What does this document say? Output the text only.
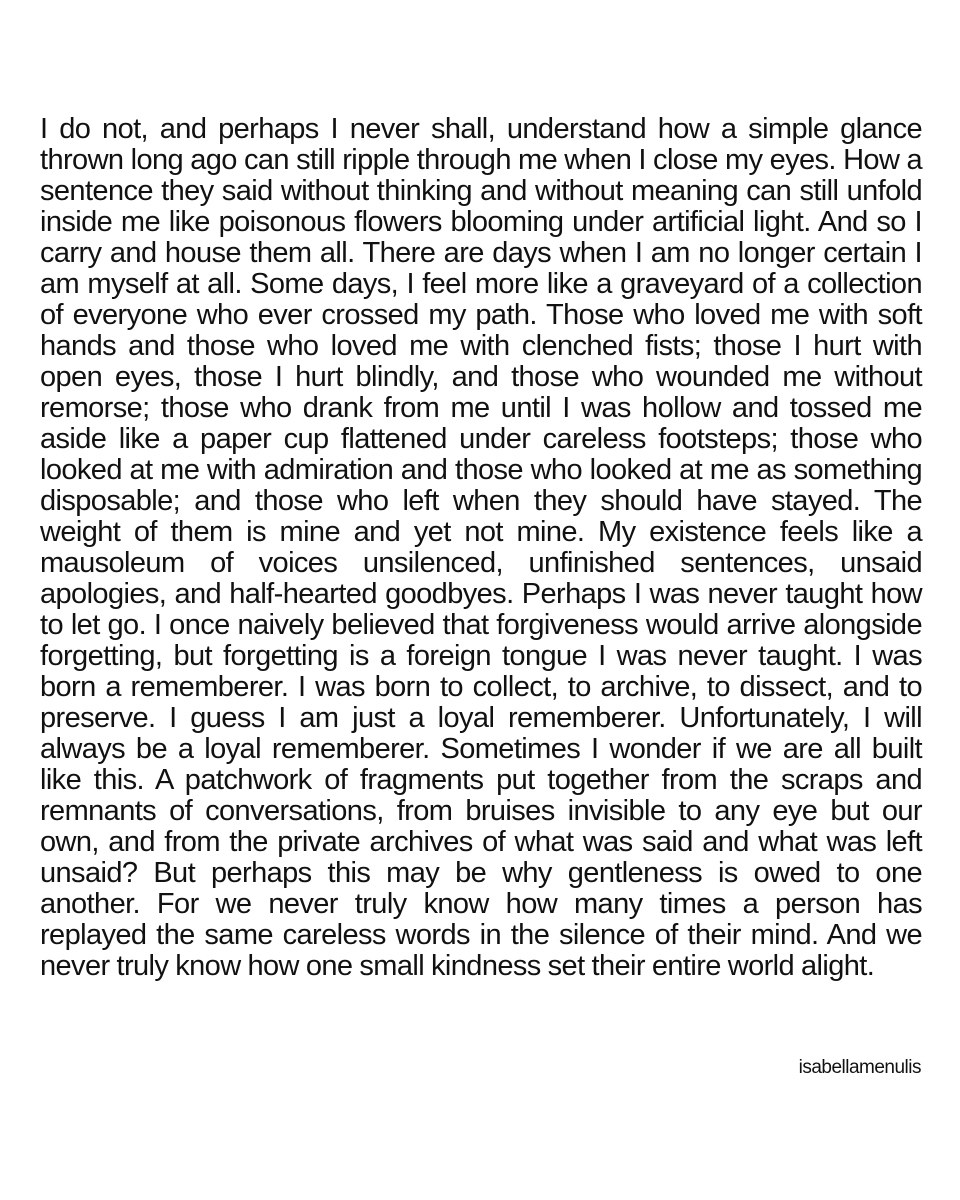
I do not, and perhaps I never shall, understand how a simple glance thrown long ago can still ripple through me when I close my eyes. How a sentence they said without thinking and without meaning can still unfold inside me like poisonous flowers blooming under artificial light. And so I carry and house them all. There are days when I am no longer certain I am myself at all. Some days, I feel more like a graveyard of a collection of everyone who ever crossed my path. Those who loved me with soft hands and those who loved me with clenched fists; those I hurt with open eyes, those I hurt blindly, and those who wounded me without remorse; those who drank from me until I was hollow and tossed me aside like a paper cup flattened under careless footsteps; those who looked at me with admiration and those who looked at me as something disposable; and those who left when they should have stayed. The weight of them is mine and yet not mine. My existence feels like a mausoleum of voices unsilenced, unfinished sentences, unsaid apologies, and half-hearted goodbyes. Perhaps I was never taught how to let go. I once naively believed that forgiveness would arrive alongside forgetting, but forgetting is a foreign tongue I was never taught. I was born a rememberer. I was born to collect, to archive, to dissect, and to preserve. I guess I am just a loyal rememberer. Unfortunately, I will always be a loyal rememberer. Sometimes I wonder if we are all built like this. A patchwork of fragments put together from the scraps and remnants of conversations, from bruises invisible to any eye but our own, and from the private archives of what was said and what was left unsaid? But perhaps this may be why gentleness is owed to one another. For we never truly know how many times a person has replayed the same careless words in the silence of their mind. And we never truly know how one small kindness set their entire world alight.

isabellamenulis
